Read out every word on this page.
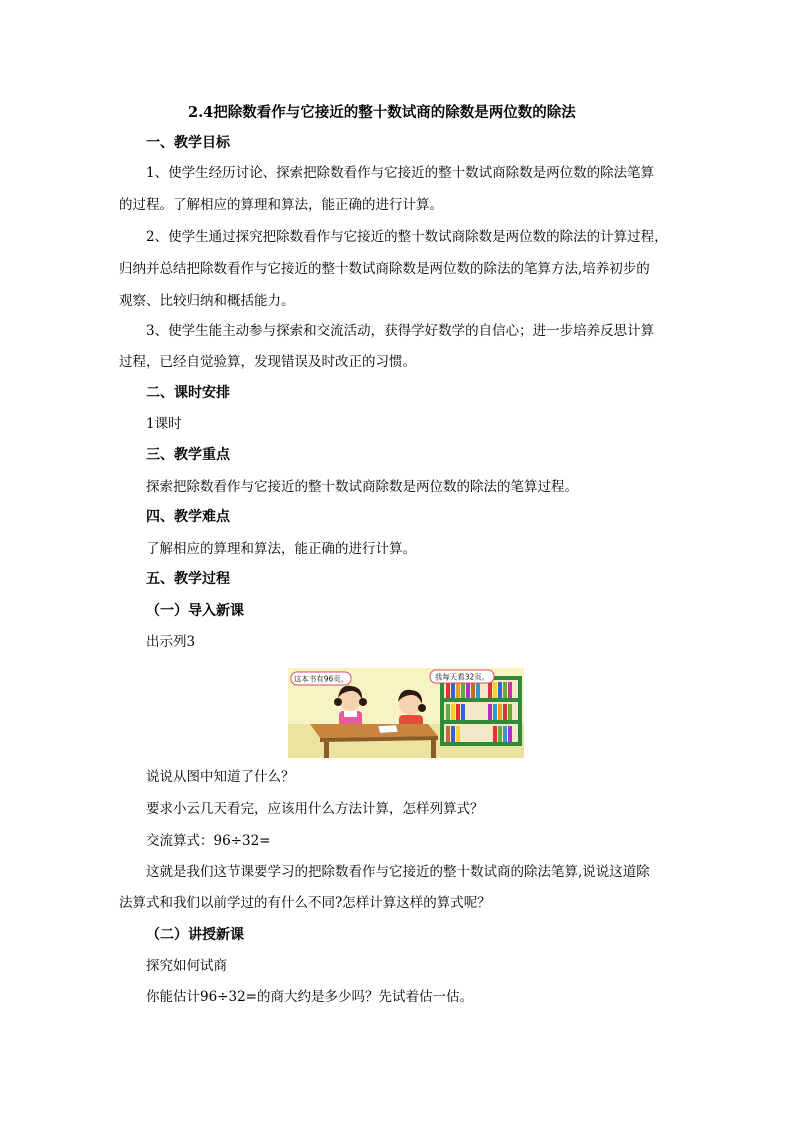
2.4把除数看作与它接近的整十数试商的除数是两位数的除法
一、教学目标
1、使学生经历讨论、探索把除数看作与它接近的整十数试商除数是两位数的除法笔算
的过程。了解相应的算理和算法，能正确的进行计算。
2、使学生通过探究把除数看作与它接近的整十数试商除数是两位数的除法的计算过程，
归纳并总结把除数看作与它接近的整十数试商除数是两位数的除法的笔算方法,培养初步的
观察、比较归纳和概括能力。
3、使学生能主动参与探索和交流活动，获得学好数学的自信心；进一步培养反思计算
过程，已经自觉验算，发现错误及时改正的习惯。
二、课时安排
1课时
三、教学重点
探索把除数看作与它接近的整十数试商除数是两位数的除法的笔算过程。
四、教学难点
了解相应的算理和算法，能正确的进行计算。
五、教学过程
（一）导入新课
出示列3
这本书有96页。	我每天看32页。
说说从图中知道了什么？
要求小云几天看完，应该用什么方法计算，怎样列算式？
交流算式：96÷32=
这就是我们这节课要学习的把除数看作与它接近的整十数试商的除法笔算,说说这道除
法算式和我们以前学过的有什么不同?怎样计算这样的算式呢？
（二）讲授新课
探究如何试商
你能估计96÷32=的商大约是多少吗？先试着估一估。
